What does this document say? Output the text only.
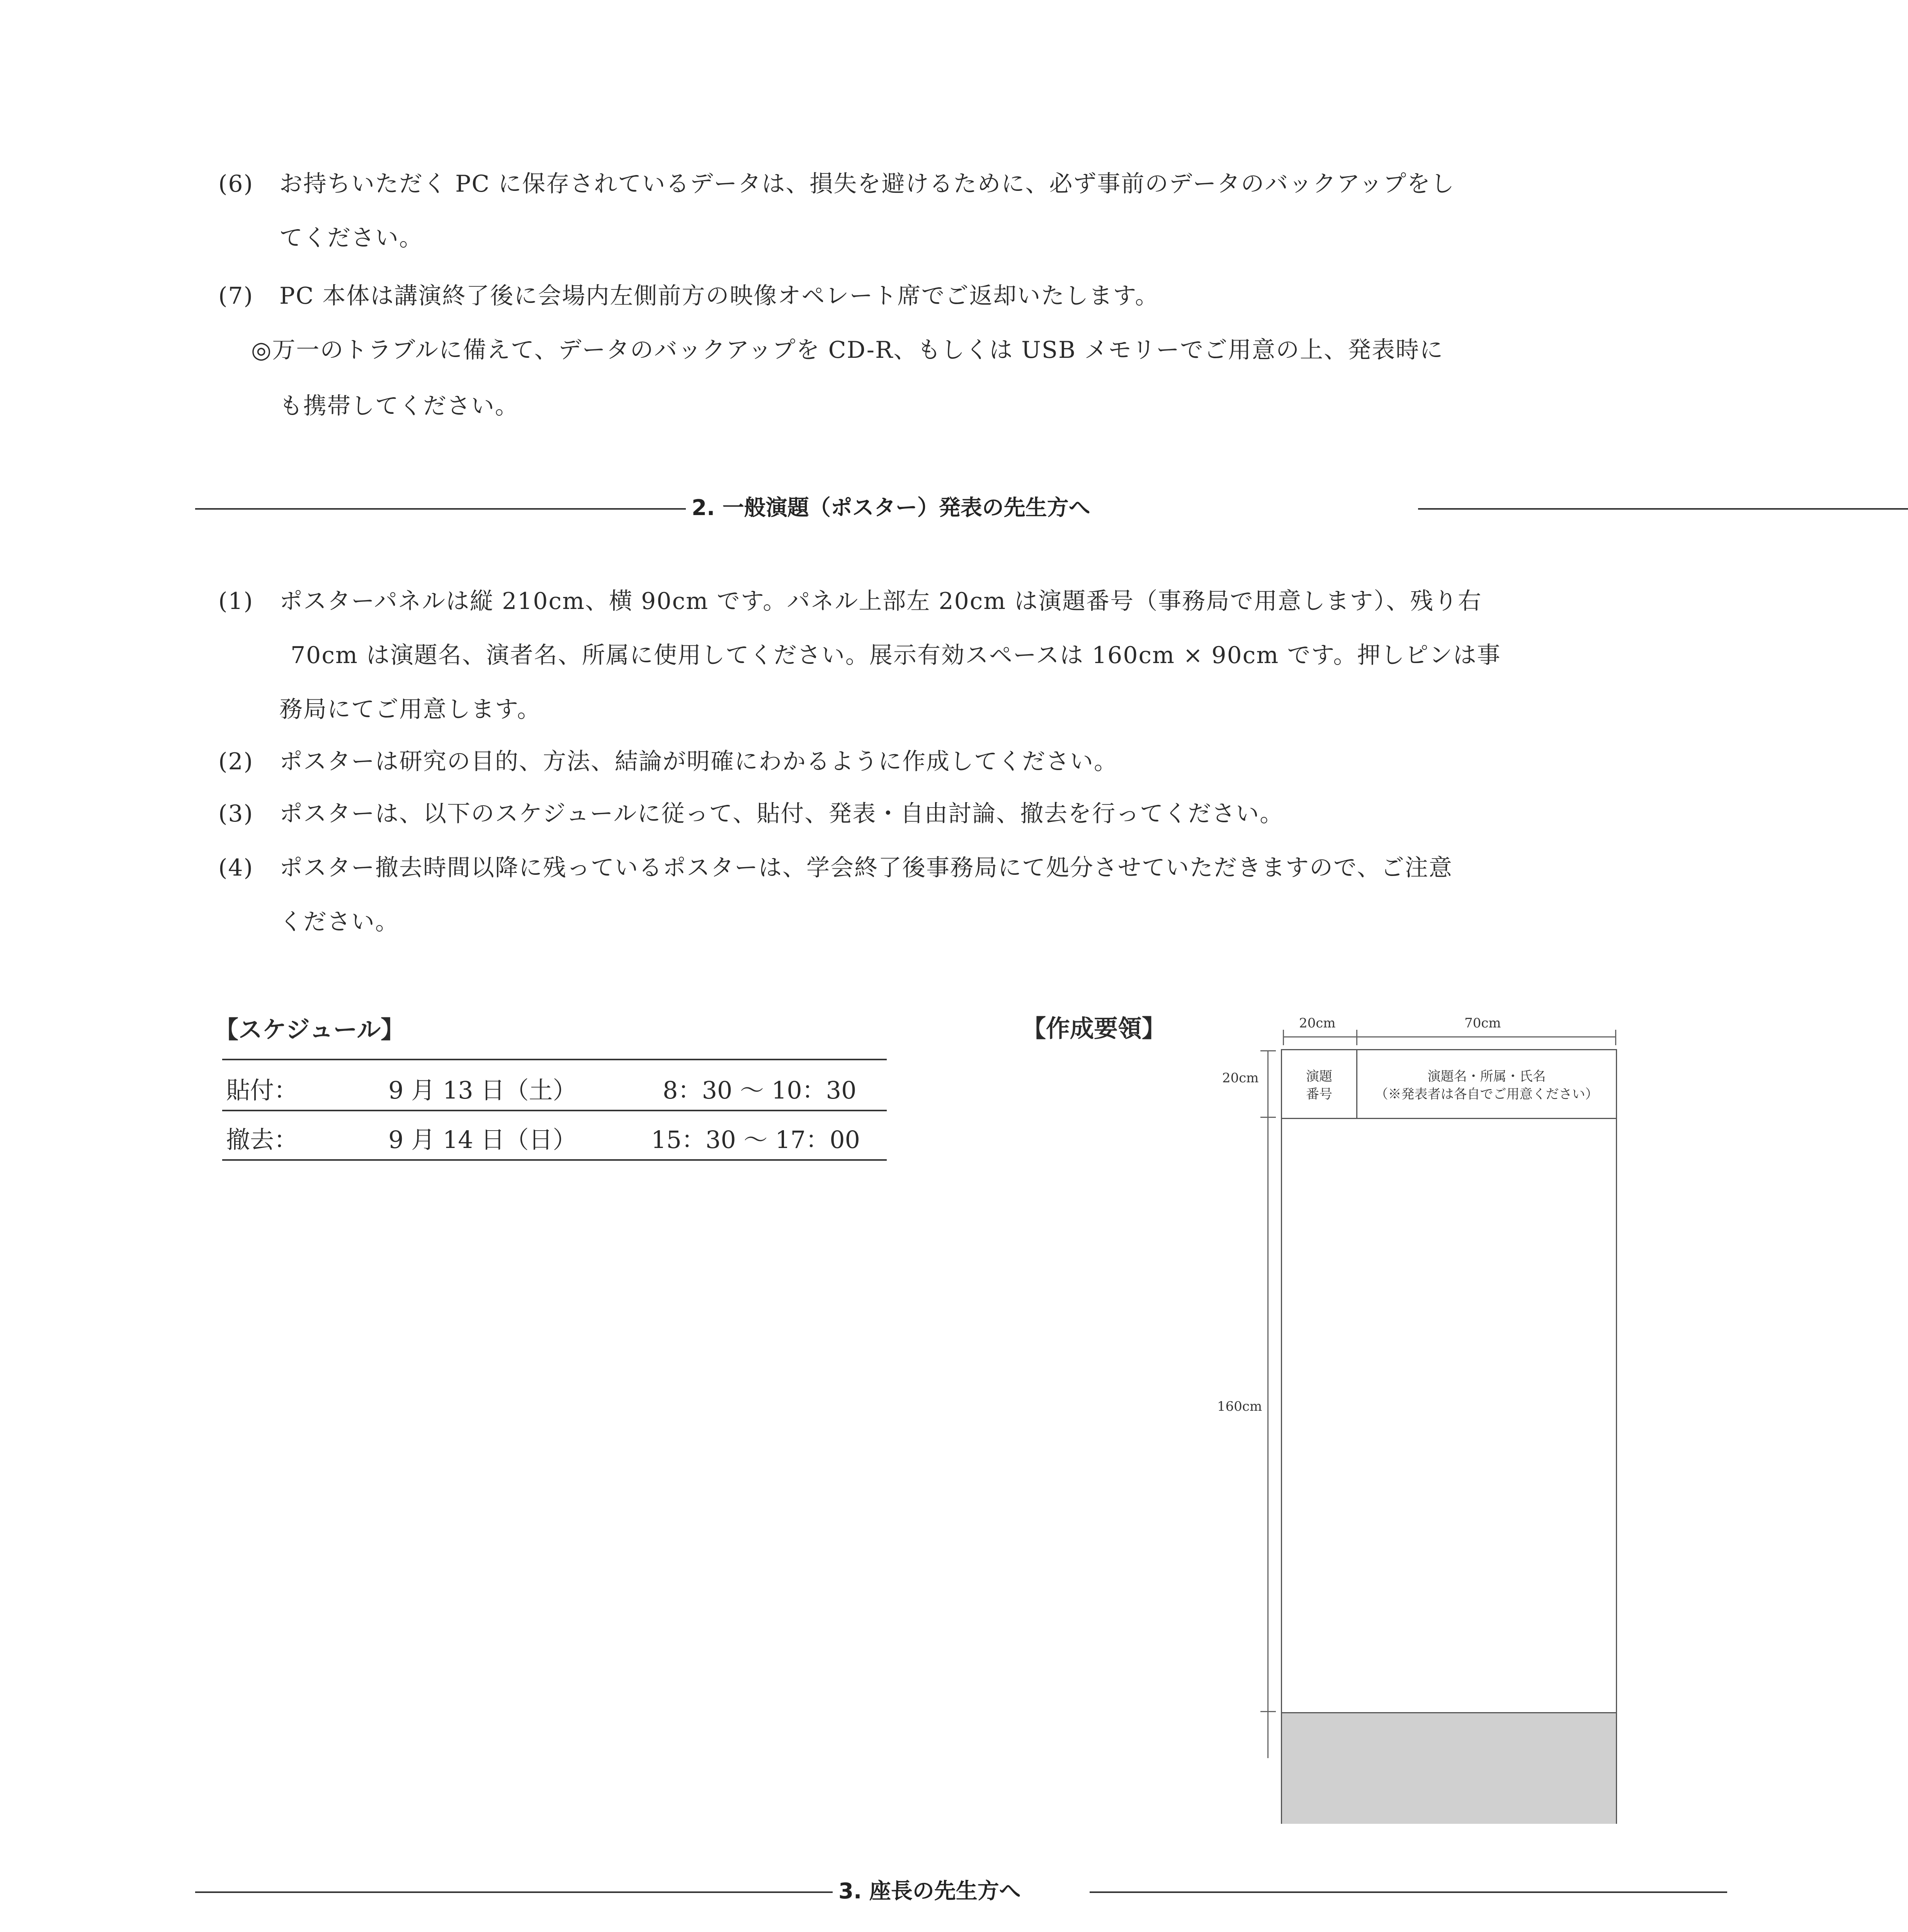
(6) お持ちいただく PC に保存されているデータは、損失を避けるために、必ず事前のデータのバックアップをし
てください。
(7) PC 本体は講演終了後に会場内左側前方の映像オペレート席でご返却いたします。
◎万一のトラブルに備えて、データのバックアップを CD-R、もしくは USB メモリーでご用意の上、発表時に
も携帯してください。
2. 一般演題（ポスター）発表の先生方へ
(1) ポスターパネルは縦 210cm、横 90cm です。パネル上部左 20cm は演題番号（事務局で用意します）、残り右
70cm は演題名、演者名、所属に使用してください。展示有効スペースは 160cm × 90cm です。押しピンは事
務局にてご用意します。
(2) ポスターは研究の目的、方法、結論が明確にわかるように作成してください。
(3) ポスターは、以下のスケジュールに従って、貼付、発表・自由討論、撤去を行ってください。
(4) ポスター撤去時間以降に残っているポスターは、学会終了後事務局にて処分させていただきますので、ご注意
ください。
【スケジュール】
貼付：	9 月 13 日（土）	8：30 〜 10：30
撤去：	9 月 14 日（日）	15：30 〜 17：00
【作成要領】	20cm	70cm
20cm
160cm
演題
番号
演題名・所属・氏名
（※発表者は各自でご用意ください）
3. 座長の先生方へ
